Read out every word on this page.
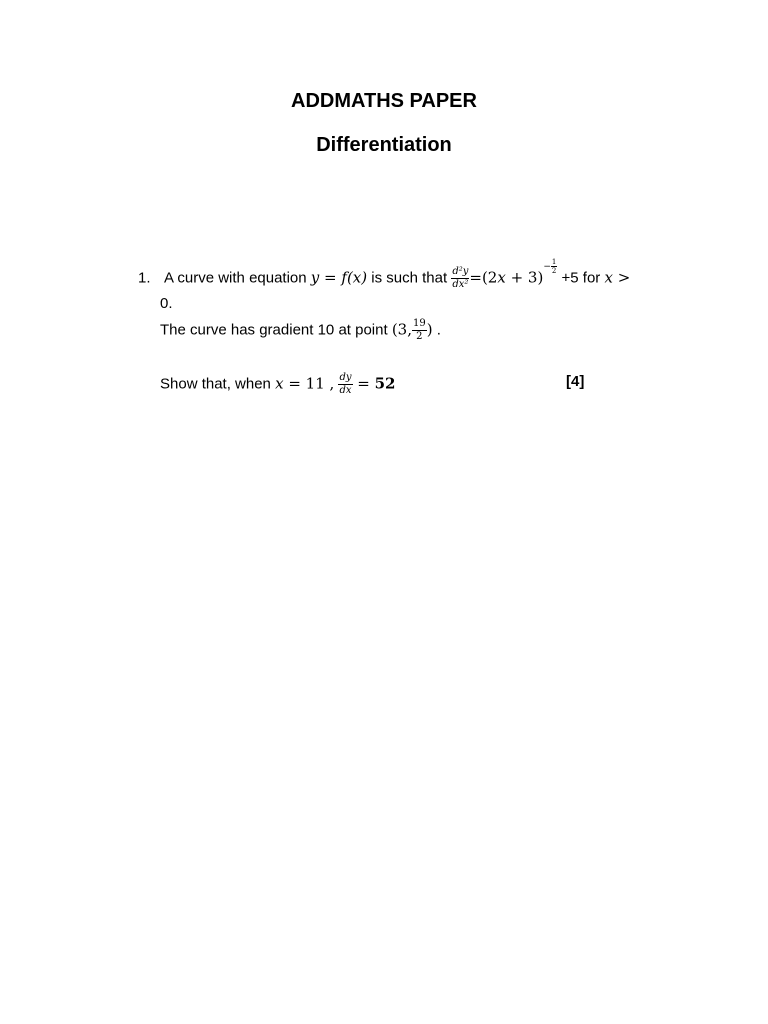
ADDMATHS PAPER
Differentiation
1. A curve with equation y = f(x) is such that $\frac{\text{d²y}}{\text{dx²}} =(2x + 3)- \frac{1}{2}$
+5 for x >
0.
The curve has gradient 10 at point (3, $\frac{19}{2}$ ) .
Show that, when x = 11 , $\frac{dy}{dx} = 52$	[4]
